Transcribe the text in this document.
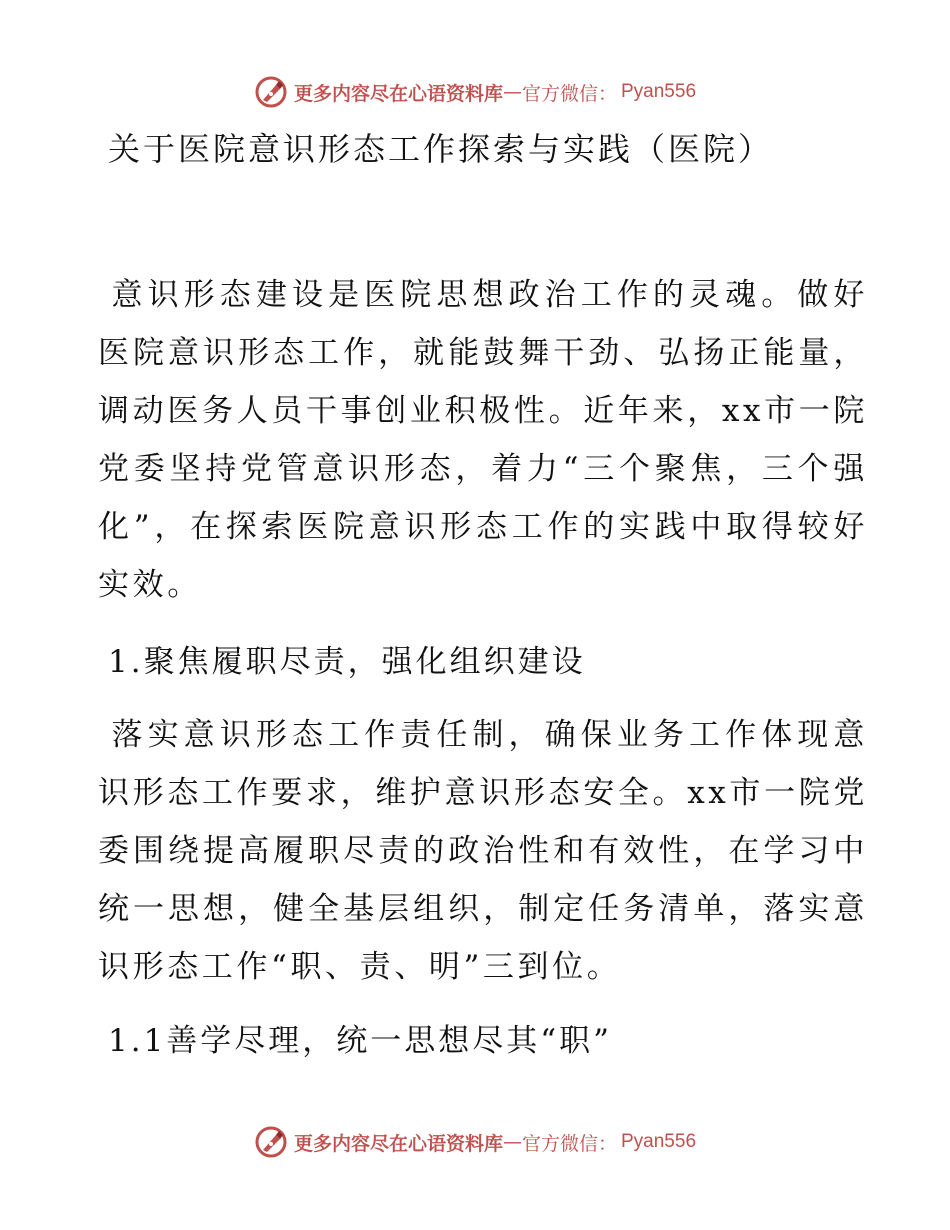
更多内容尽在心语资料库 — 官方微信： Pyan556
关于医院意识形态工作探索与实践（医院）
意识形态建设是医院思想政治工作的灵魂。做好医院意识形态工作，就能鼓舞干劲、弘扬正能量，调动医务人员干事创业积极性。近年来，xx市一院党委坚持党管意识形态，着力“三个聚焦，三个强化”，在探索医院意识形态工作的实践中取得较好实效。
1.聚焦履职尽责，强化组织建设
落实意识形态工作责任制，确保业务工作体现意识形态工作要求，维护意识形态安全。xx市一院党委围绕提高履职尽责的政治性和有效性，在学习中统一思想，健全基层组织，制定任务清单，落实意识形态工作“职、责、明”三到位。
1.1善学尽理，统一思想尽其“职”
更多内容尽在心语资料库 — 官方微信： Pyan556
